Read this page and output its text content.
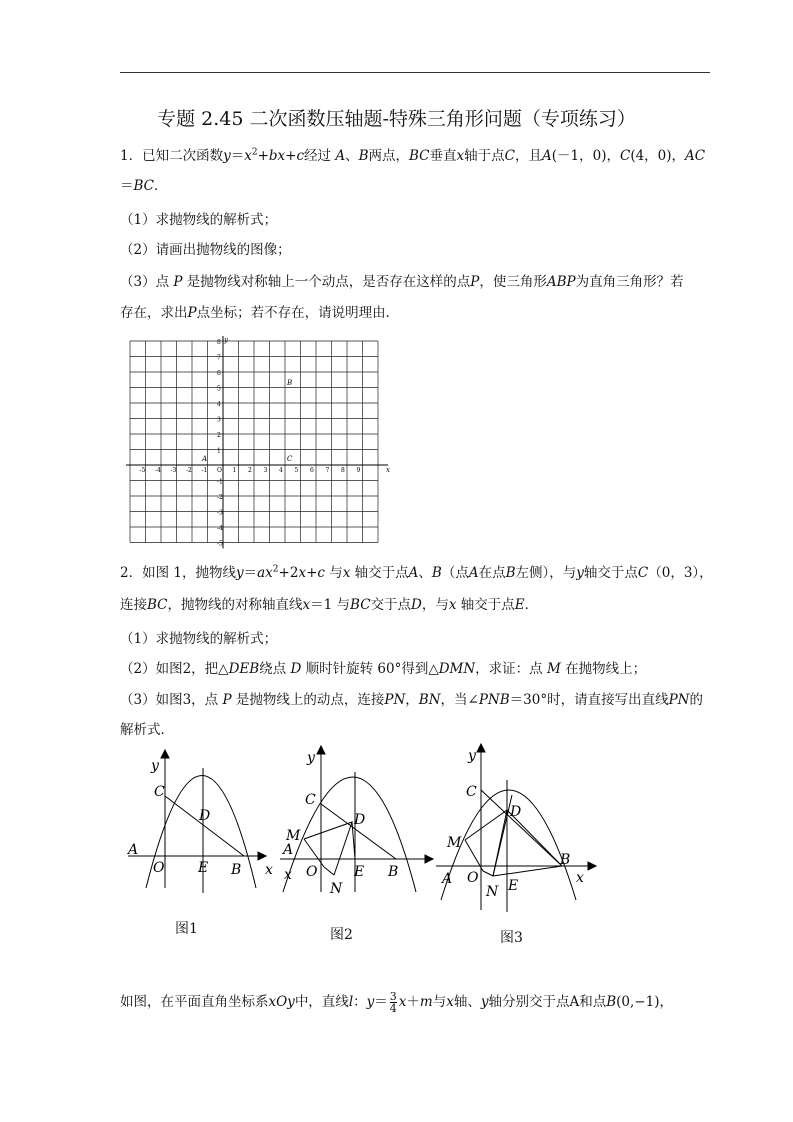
专题 2.45 二次函数压轴题-特殊三角形问题（专项练习）
1．已知二次函数$y=x^2+bx+c$经过 A、B两点，BC垂直x轴于点C，且A(－1，0)，C(4，0)，AC
＝BC．
（1）求抛物线的解析式；
（2）请画出抛物线的图像；
（3）点 P 是抛物线对称轴上一个动点，是否存在这样的点P，使三角形ABP为直角三角形？若
存在，求出P点坐标；若不存在，请说明理由．
-5 -4 -3 -2 -1 O 1 2 3 4 5 6 7 8 9
8
7
6
5
4
3
2
1
-1
-2
-3
-4
-5
x
y
B
A	C
2．如图 1，抛物线$y=ax^2+2x+c$ 与x 轴交于点A、B（点A在点B左侧），与y轴交于点C（0，3），
连接BC，抛物线的对称轴直线x＝1 与BC交于点D，与x 轴交于点E．
（1）求抛物线的解析式；
（2）如图2，把△DEB绕点 D 顺时针旋转 60°得到△DMN，求证：点 M 在抛物线上；
（3）如图3，点 P 是抛物线上的动点，连接PN，BN，当∠PNB＝30°时，请直接写出直线PN的
解析式．
y
C
D
A
O E B x
图1
y
C
D
M
A
x O	E B
N
图2
y
C
D
M
A O
N E
B
x
图3
如图，在平面直角坐标系xOy中，直线l：$y= \frac{3}{4} x+m$与x轴、y轴分别交于点A和点B(0,−1)，
